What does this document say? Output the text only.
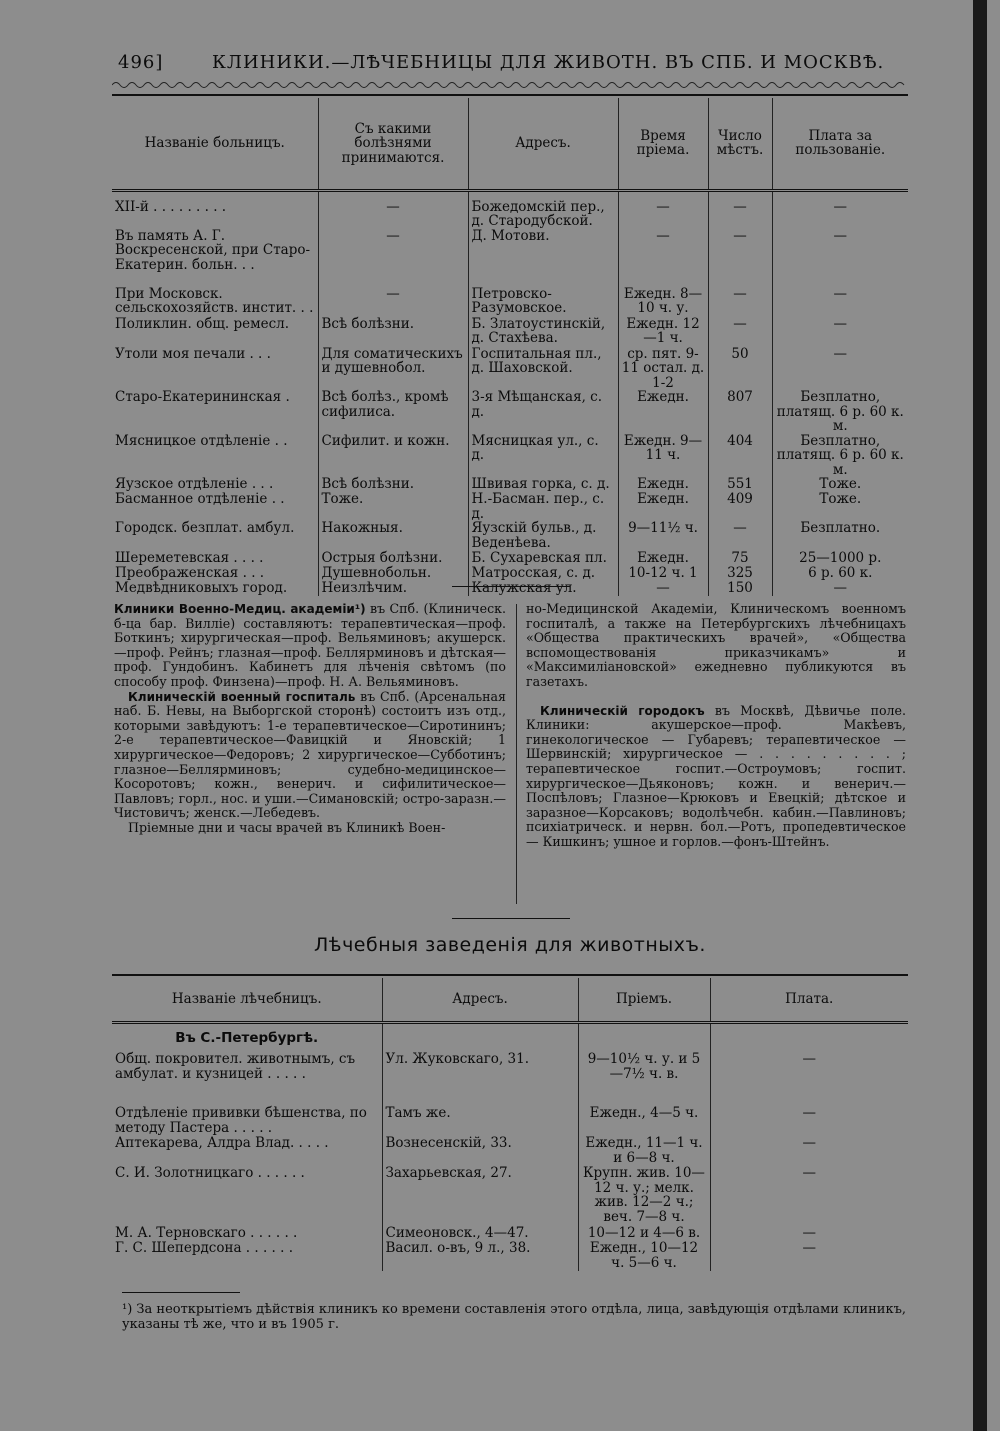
496]	КЛИНИКИ.—ЛѢЧЕБНИЦЫ ДЛЯ ЖИВОТН. ВЪ СПБ. И МОСКВѢ.
Названіе больницъ.	Съ какими болѣзнями принимаются.	Адресъ.	Время пріема.	Число мѣстъ.	Плата за пользованіе.
XII-й . . . . . . . . .	—	Божедомскій пер., д. Стародубской.	—	—	—
Въ память А. Г. Воскресенской, при Старо-Екатерин. больн. . .	—	Д. Мотови.	—	—	—
При Московск. сельскохозяйств. инстит. . .	—	Петровско-Разумовское.	Ежедн. 8—10 ч. у.	—	—
Поликлин. общ. ремесл.	Всѣ болѣзни.	Б. Златоустинскій, д. Стахѣева.	Ежедн. 12—1 ч.	—	—
Утоли моя печали . . .	Для соматическихъ и душевнобол.	Госпитальная пл., д. Шаховской.	ср. пят. 9-11 остал. д. 1-2	50	—
Старо-Екатерининская .	Всѣ болѣз., кромѣ сифилиса.	3-я Мѣщанская, с. д.	Ежедн.	807	Безплатно, платящ. 6 р. 60 к. м.
Мясницкое отдѣленіе . .	Сифилит. и кожн.	Мясницкая ул., с. д.	Ежедн. 9—11 ч.	404	Безплатно, платящ. 6 р. 60 к. м.
Яузское отдѣленіе . . .	Всѣ болѣзни.	Швивая горка, с. д.	Ежедн.	551	Тоже.
Басманное отдѣленіе . .	Тоже.	Н.-Басман. пер., с. д.	Ежедн.	409	Тоже.
Городск. безплат. амбул.	Накожныя.	Яузскій бульв., д. Веденѣева.	9—11½ ч.	—	Безплатно.
Шереметевская . . . .	Острыя болѣзни.	Б. Сухаревская пл.	Ежедн.	75	25—1000 р.
Преображенская . . .	Душевнобольн.	Матросская, с. д.	10-12 ч. 1	325	6 р. 60 к.
Медвѣдниковыхъ город.	Неизлѣчим.	Калужская ул.	—	150	—

Клиники Военно-Медиц. академіи¹) въ Спб. (Клиническ. б-ца бар. Вилліе) составляютъ: терапевтическая—проф. Боткинъ; хирургическая—проф. Вельяминовъ; акушерск.—проф. Рейнъ; глазная—проф. Беллярминовъ и дѣтская—проф. Гундобинъ. Кабинетъ для лѣченія свѣтомъ (по способу проф. Финзена)—проф. Н. А. Вельяминовъ.

Клиническій военный госпиталь въ Спб. (Арсенальная наб. Б. Невы, на Выборгской сторонѣ) состоитъ изъ отд., которыми завѣдуютъ: 1-е терапевтическое—Сиротининъ; 2-е терапевтическое—Фавицкій и Яновскій; 1 хирургическое—Федоровъ; 2 хирургическое—Субботинъ; глазное—Беллярминовъ; судебно-медицинское—Косоротовъ; кожн., венерич. и сифилитическое—Павловъ; горл., нос. и уши.—Симановскій; остро-заразн.—Чистовичъ; женск.—Лебедевъ.

Пріемные дни и часы врачей въ Клиникѣ Воен-

но-Медицинской Академіи, Клиническомъ военномъ госпиталѣ, а также на Петербургскихъ лѣчебницахъ «Общества практическихъ врачей», «Общества вспомоществованія приказчикамъ» и «Максимиліановской» ежедневно публикуются въ газетахъ.

Клиническій городокъ въ Москвѣ, Дѣвичье поле. Клиники: акушерское—проф. Макѣевъ, гинекологическое — Губаревъ; терапевтическое — Шервинскій; хирургическое — . . . . . . . . . ; терапевтическое госпит.—Остроумовъ; госпит. хирургическое—Дьяконовъ; кожн. и венерич.—Поспѣловъ; Глазное—Крюковъ и Евецкій; дѣтское и заразное—Корсаковъ; водолѣчебн. кабин.—Павлиновъ; психіатрическ. и нервн. бол.—Ротъ, пропедевтическое — Кишкинъ; ушное и горлов.—фонъ-Штейнъ.

Лѣчебныя заведенія для животныхъ.
Названіе лѣчебницъ.	Адресъ.	Пріемъ.	Плата.
Въ С.-Петербургѣ.			
Общ. покровител. животнымъ, съ амбулат. и кузницей . . . . .	Ул. Жуковскаго, 31.	9—10½ ч. у. и 5—7½ ч. в.	—
Отдѣленіе прививки бѣшенства, по методу Пастера . . . . .	Тамъ же.	Ежедн., 4—5 ч.	—
Аптекарева, Алдра Влад. . . . .	Вознесенскій, 33.	Ежедн., 11—1 ч. и 6—8 ч.	—
С. И. Золотницкаго . . . . . .	Захарьевская, 27.	Крупн. жив. 10—12 ч. у.; мелк. жив. 12—2 ч.; веч. 7—8 ч.	—
М. А. Терновскаго . . . . . .	Симеоновск., 4—47.	10—12 и 4—6 в.	—
Г. С. Шепердсона . . . . . .	Васил. о-въ, 9 л., 38.	Ежедн., 10—12 ч. 5—6 ч.	—
¹) За неоткрытіемъ дѣйствія клиникъ ко времени составленія этого отдѣла, лица, завѣдующія отдѣлами клиникъ, указаны тѣ же, что и въ 1905 г.
